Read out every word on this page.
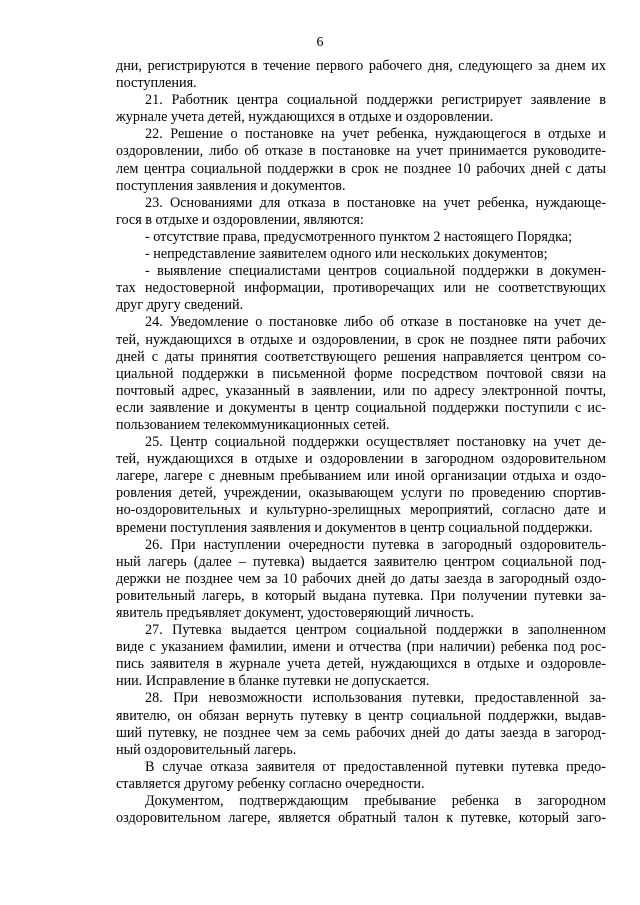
6
дни, регистрируются в течение первого рабочего дня, следующего за днем их
поступления.
21. Работник центра социальной поддержки регистрирует заявление в
журнале учета детей, нуждающихся в отдыхе и оздоровлении.
22. Решение о постановке на учет ребенка, нуждающегося в отдыхе и
оздоровлении, либо об отказе в постановке на учет принимается руководите-
лем центра социальной поддержки в срок не позднее 10 рабочих дней с даты
поступления заявления и документов.
23. Основаниями для отказа в постановке на учет ребенка, нуждающе-
гося в отдыхе и оздоровлении, являются:
- отсутствие права, предусмотренного пунктом 2 настоящего Порядка;
- непредставление заявителем одного или нескольких документов;
- выявление специалистами центров социальной поддержки в докумен-
тах недостоверной информации, противоречащих или не соответствующих
друг другу сведений.
24. Уведомление о постановке либо об отказе в постановке на учет де-
тей, нуждающихся в отдыхе и оздоровлении, в срок не позднее пяти рабочих
дней с даты принятия соответствующего решения направляется центром со-
циальной поддержки в письменной форме посредством почтовой связи на
почтовый адрес, указанный в заявлении, или по адресу электронной почты,
если заявление и документы в центр социальной поддержки поступили с ис-
пользованием телекоммуникационных сетей.
25. Центр социальной поддержки осуществляет постановку на учет де-
тей, нуждающихся в отдыхе и оздоровлении в загородном оздоровительном
лагере, лагере с дневным пребыванием или иной организации отдыха и оздо-
ровления детей, учреждении, оказывающем услуги по проведению спортив-
но-оздоровительных и культурно-зрелищных мероприятий, согласно дате и
времени поступления заявления и документов в центр социальной поддержки.
26. При наступлении очередности путевка в загородный оздоровитель-
ный лагерь (далее – путевка) выдается заявителю центром социальной под-
держки не позднее чем за 10 рабочих дней до даты заезда в загородный оздо-
ровительный лагерь, в который выдана путевка. При получении путевки за-
явитель предъявляет документ, удостоверяющий личность.
27. Путевка выдается центром социальной поддержки в заполненном
виде с указанием фамилии, имени и отчества (при наличии) ребенка под рос-
пись заявителя в журнале учета детей, нуждающихся в отдыхе и оздоровле-
нии. Исправление в бланке путевки не допускается.
28. При невозможности использования путевки, предоставленной за-
явителю, он обязан вернуть путевку в центр социальной поддержки, выдав-
ший путевку, не позднее чем за семь рабочих дней до даты заезда в загород-
ный оздоровительный лагерь.
В случае отказа заявителя от предоставленной путевки путевка предо-
ставляется другому ребенку согласно очередности.
Документом, подтверждающим пребывание ребенка в загородном
оздоровительном лагере, является обратный талон к путевке, который заго-
